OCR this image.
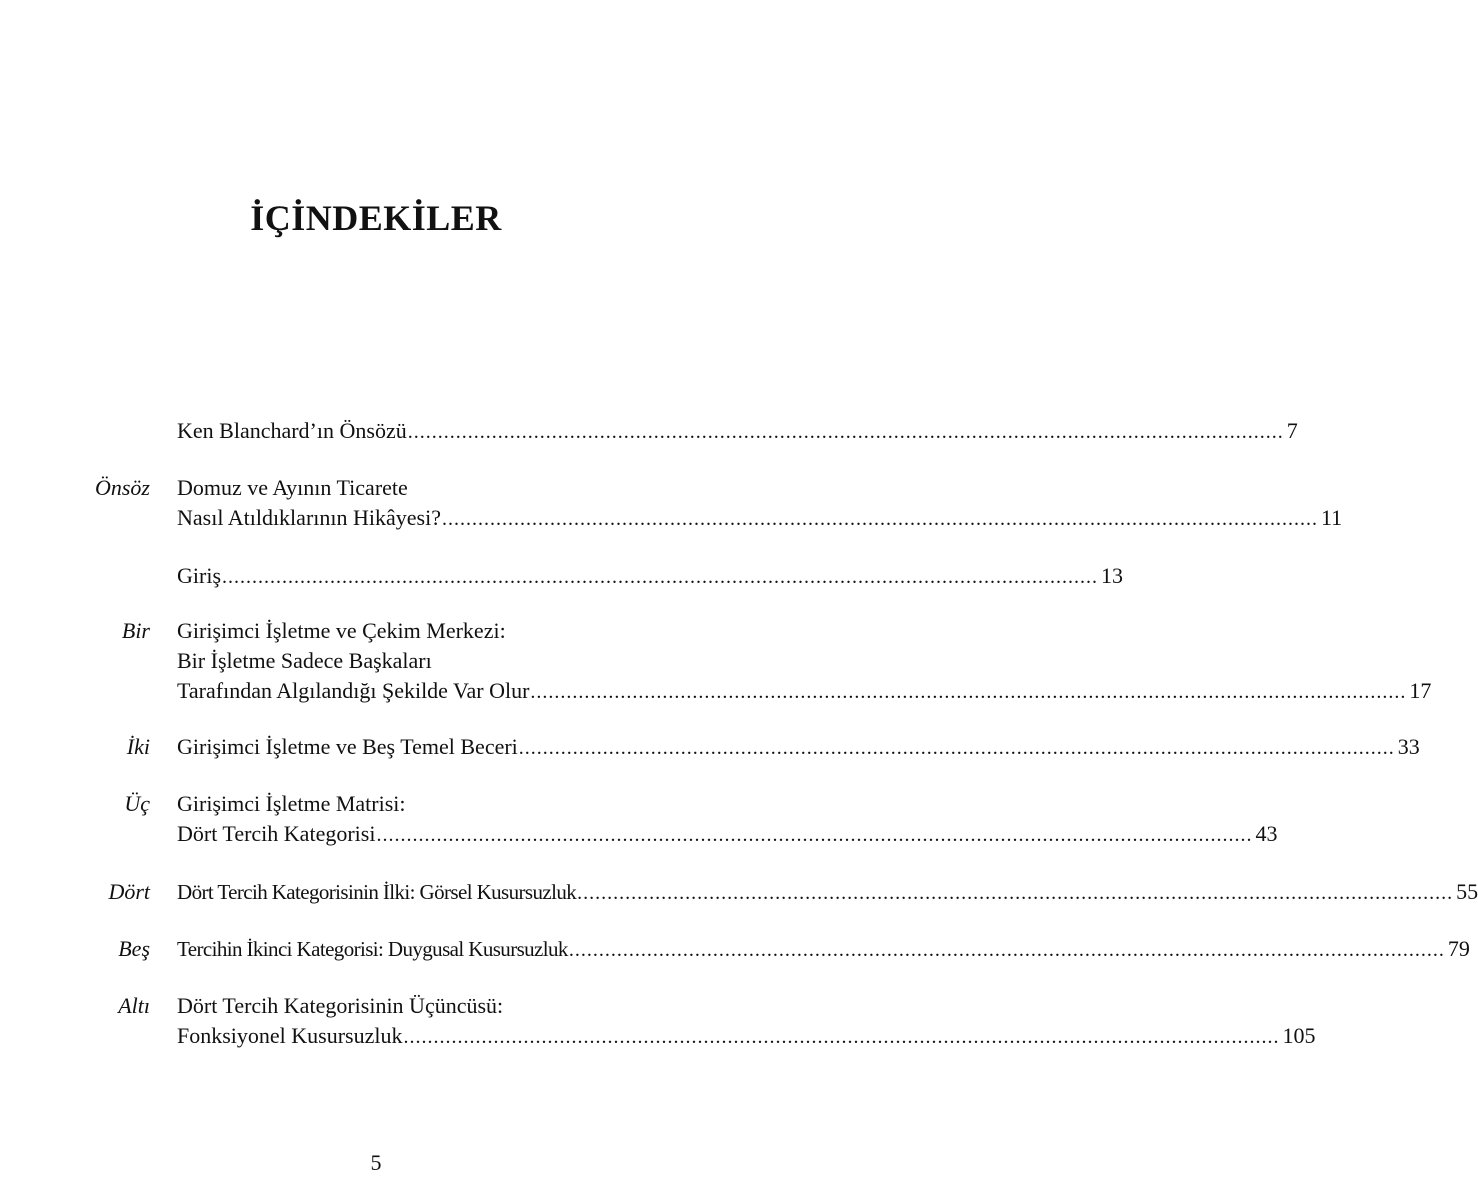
İÇİNDEKİLER
Ken Blanchard’ın Önsözü .................................................................................................................................................. 7
Önsöz Domuz ve Ayının Ticarete
Nasıl Atıldıklarının Hikâyesi? .................................................................................................................................................. 11
Giriş .................................................................................................................................................. 13
Bir Girişimci İşletme ve Çekim Merkezi:
Bir İşletme Sadece Başkaları
Tarafından Algılandığı Şekilde Var Olur .................................................................................................................................................. 17
İki Girişimci İşletme ve Beş Temel Beceri .................................................................................................................................................. 33
Üç Girişimci İşletme Matrisi:
Dört Tercih Kategorisi .................................................................................................................................................. 43
Dört Dört Tercih Kategorisinin İlki: Görsel Kusursuzluk .................................................................................................................................................. 55
Beş Tercihin İkinci Kategorisi: Duygusal Kusursuzluk .................................................................................................................................................. 79
Altı Dört Tercih Kategorisinin Üçüncüsü:
Fonksiyonel Kusursuzluk .................................................................................................................................................. 105
5
